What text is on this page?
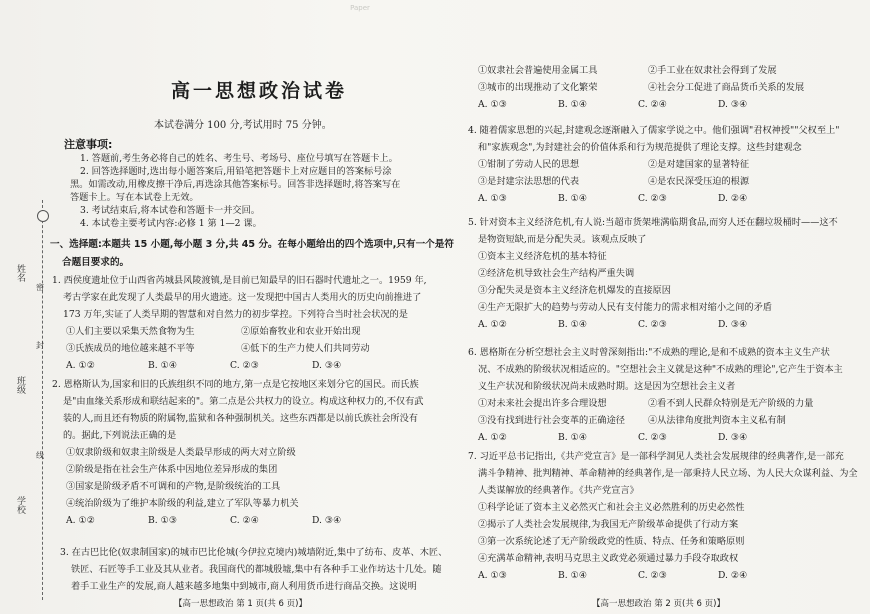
Paper
密
封
线
姓名
班级
学校
高一思想政治试卷
本试卷满分 100 分,考试用时 75 分钟。
注意事项:
1. 答题前,考生务必将自己的姓名、考生号、考场号、座位号填写在答题卡上。
2. 回答选择题时,选出每小题答案后,用铅笔把答题卡上对应题目的答案标号涂
黑。如需改动,用橡皮擦干净后,再选涂其他答案标号。回答非选择题时,将答案写在
答题卡上。写在本试卷上无效。
3. 考试结束后,将本试卷和答题卡一并交回。
4. 本试卷主要考试内容:必修 1 第 1—2 课。
一、选择题:本题共 15 小题,每小题 3 分,共 45 分。在每小题给出的四个选项中,只有一个是符
合题目要求的。
1. 西侯度遗址位于山西省芮城县风陵渡镇,是目前已知最早的旧石器时代遗址之一。1959 年,
考古学家在此发现了人类最早的用火遗迹。这一发现把中国古人类用火的历史向前推进了
173 万年,实证了人类早期的智慧和对自然力的初步掌控。下列符合当时社会状况的是
①人们主要以采集天然食物为生	②原始畜牧业和农业开始出现
③氏族成员的地位越来越不平等	④低下的生产力使人们共同劳动
A. ①②	B. ①④	C. ②③	D. ③④
2. 恩格斯认为,国家和旧的氏族组织不同的地方,第一点是它按地区来划分它的国民。而氏族
是"由血缘关系形成和联结起来的"。第二点是公共权力的设立。构成这种权力的,不仅有武
装的人,而且还有物质的附属物,监狱和各种强制机关。这些东西都是以前氏族社会所没有
的。据此,下列说法正确的是
①奴隶阶级和奴隶主阶级是人类最早形成的两大对立阶级
②阶级是指在社会生产体系中因地位差异形成的集团
③国家是阶级矛盾不可调和的产物,是阶级统治的工具
④统治阶级为了维护本阶级的利益,建立了军队等暴力机关
A. ①②	B. ①③	C. ②④	D. ③④
3. 在古巴比伦(奴隶制国家)的城市巴比伦城(今伊拉克境内)城墙附近,集中了纺布、皮革、木匠、
铁匠、石匠等手工业及其从业者。我国商代的都城殷墟,集中有各种手工业作坊达十几处。随
着手工业生产的发展,商人越来越多地集中到城市,商人利用货币进行商品交换。这说明
【高一思想政治 第 1 页(共 6 页)】
①奴隶社会普遍使用金属工具	②手工业在奴隶社会得到了发展
③城市的出现推动了文化繁荣	④社会分工促进了商品货币关系的发展
A. ①③	B. ①④	C. ②④	D. ③④
4. 随着儒家思想的兴起,封建观念逐渐融入了儒家学说之中。他们强调"君权神授""父权至上"
和"家族观念",为封建社会的价值体系和行为规范提供了理论支撑。这些封建观念
①钳制了劳动人民的思想	②是对建国家的显著特征
③是封建宗法思想的代表	④是农民深受压迫的根源
A. ①③	B. ①④	C. ②③	D. ②④
5. 针对资本主义经济危机,有人说:当超市货架堆满临期食品,而穷人还在翻垃圾桶时——这不
是物资短缺,而是分配失灵。该观点反映了
①资本主义经济危机的基本特征
②经济危机导致社会生产结构严重失调
③分配失灵是资本主义经济危机爆发的直接原因
④生产无限扩大的趋势与劳动人民有支付能力的需求相对缩小之间的矛盾
A. ①②	B. ①④	C. ②③	D. ③④
6. 恩格斯在分析空想社会主义时曾深刻指出:"不成熟的理论,是和不成熟的资本主义生产状
况、不成熟的阶级状况相适应的。"空想社会主义就是这种"不成熟的理论",它产生于资本主
义生产状况和阶级状况尚未成熟时期。这是因为空想社会主义者
①对未来社会提出许多合理设想	②看不到人民群众特别是无产阶级的力量
③没有找到进行社会变革的正确途径	④从法律角度批判资本主义私有制
A. ①②	B. ①④	C. ②③	D. ③④
7. 习近平总书记指出,《共产党宣言》是一部科学洞见人类社会发展规律的经典著作,是一部充
满斗争精神、批判精神、革命精神的经典著作,是一部秉持人民立场、为人民大众谋利益、为全
人类谋解放的经典著作。《共产党宣言》
①科学论证了资本主义必然灭亡和社会主义必然胜利的历史必然性
②揭示了人类社会发展规律,为我国无产阶级革命提供了行动方案
③第一次系统论述了无产阶级政党的性质、特点、任务和策略原则
④充满革命精神,表明马克思主义政党必须通过暴力手段夺取政权
A. ①③	B. ①④	C. ②③	D. ②④
【高一思想政治 第 2 页(共 6 页)】
